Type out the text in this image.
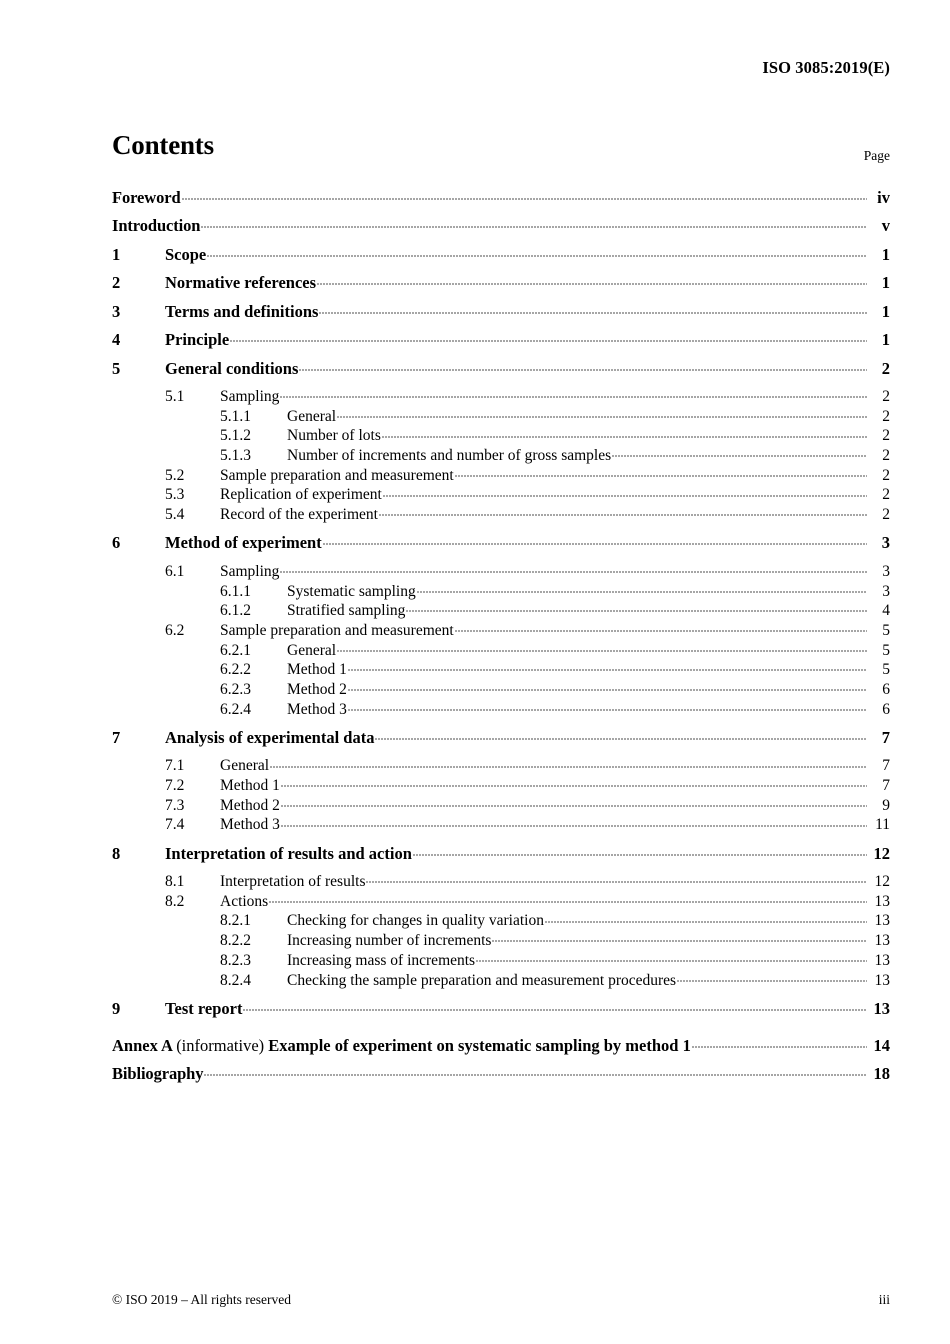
ISO 3085:2019(E)
Contents	Page
Foreword	iv
Introduction	v
1	Scope	1
2	Normative references	1
3	Terms and definitions	1
4	Principle	1
5	General conditions	2
5.1	Sampling	2
5.1.1	General	2
5.1.2	Number of lots	2
5.1.3	Number of increments and number of gross samples	2
5.2	Sample preparation and measurement	2
5.3	Replication of experiment	2
5.4	Record of the experiment	2
6	Method of experiment	3
6.1	Sampling	3
6.1.1	Systematic sampling	3
6.1.2	Stratified sampling	4
6.2	Sample preparation and measurement	5
6.2.1	General	5
6.2.2	Method 1	5
6.2.3	Method 2	6
6.2.4	Method 3	6
7	Analysis of experimental data	7
7.1	General	7
7.2	Method 1	7
7.3	Method 2	9
7.4	Method 3	11
8	Interpretation of results and action	12
8.1	Interpretation of results	12
8.2	Actions	13
8.2.1	Checking for changes in quality variation	13
8.2.2	Increasing number of increments	13
8.2.3	Increasing mass of increments	13
8.2.4	Checking the sample preparation and measurement procedures	13
9	Test report	13
Annex A (informative) Example of experiment on systematic sampling by method 1	14
Bibliography	18
© ISO 2019 – All rights reserved	iii
